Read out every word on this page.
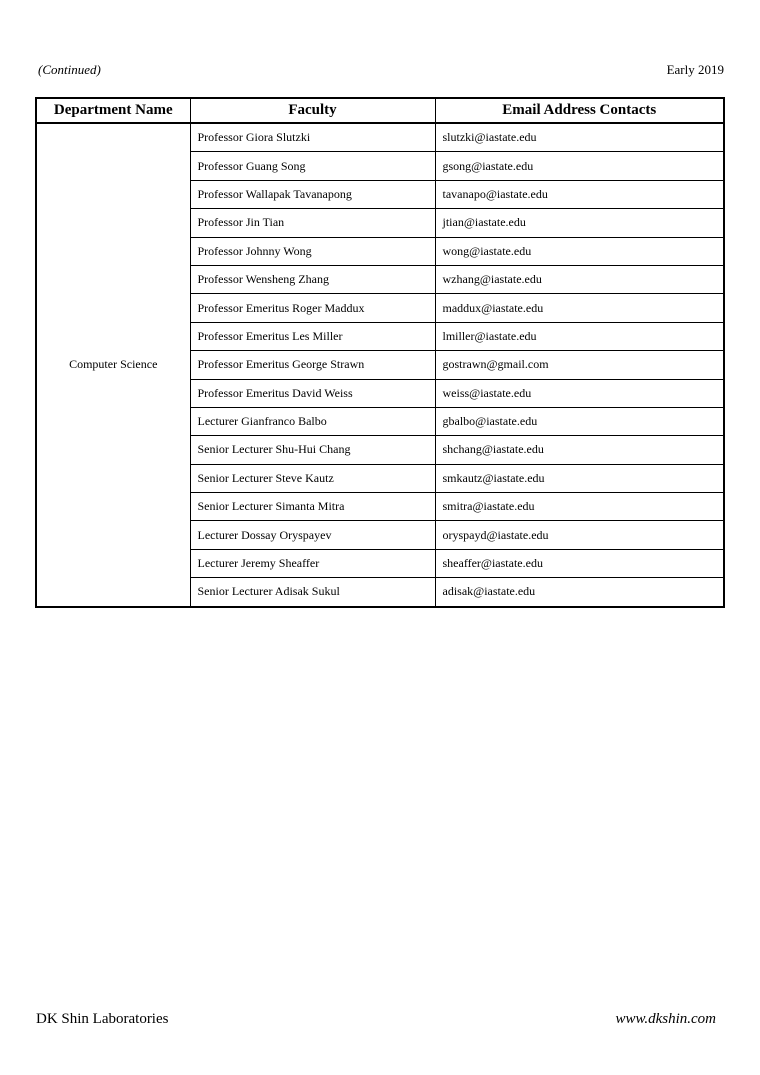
(Continued)	Early 2019
Department Name	Faculty	Email Address Contacts
Computer Science	Professor Giora Slutzki	slutzki@iastate.edu
	Professor Guang Song	gsong@iastate.edu
	Professor Wallapak Tavanapong	tavanapo@iastate.edu
	Professor Jin Tian	jtian@iastate.edu
	Professor Johnny Wong	wong@iastate.edu
	Professor Wensheng Zhang	wzhang@iastate.edu
	Professor Emeritus Roger Maddux	maddux@iastate.edu
	Professor Emeritus Les Miller	lmiller@iastate.edu
	Professor Emeritus George Strawn	gostrawn@gmail.com
	Professor Emeritus David Weiss	weiss@iastate.edu
	Lecturer Gianfranco Balbo	gbalbo@iastate.edu
	Senior Lecturer Shu-Hui Chang	shchang@iastate.edu
	Senior Lecturer Steve Kautz	smkautz@iastate.edu
	Senior Lecturer Simanta Mitra	smitra@iastate.edu
	Lecturer Dossay Oryspayev	oryspayd@iastate.edu
	Lecturer Jeremy Sheaffer	sheaffer@iastate.edu
	Senior Lecturer Adisak Sukul	adisak@iastate.edu
DK Shin Laboratories	www.dkshin.com
